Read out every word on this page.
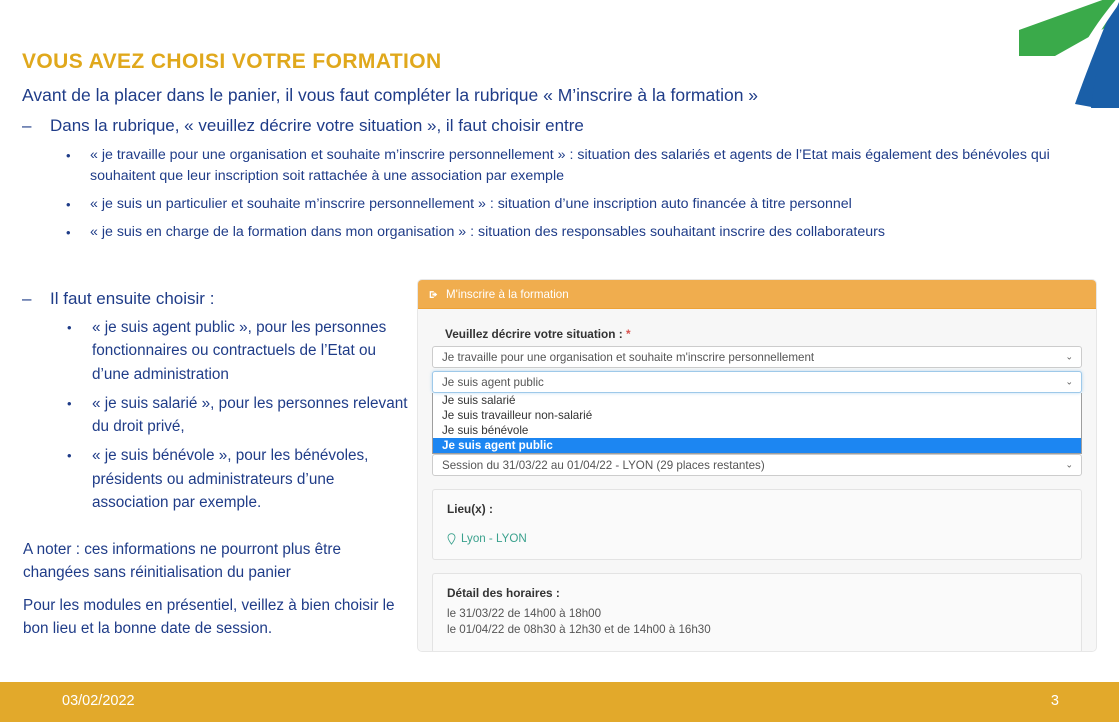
VOUS AVEZ CHOISI VOTRE FORMATION
Avant de la placer dans le panier, il vous faut compléter la rubrique « M’inscrire à la formation »
– Dans la rubrique, « veuillez décrire votre situation », il faut choisir entre
• « je travaille pour une organisation et souhaite m’inscrire personnellement » : situation des salariés et agents de l’Etat mais également des bénévoles qui souhaitent que leur inscription soit rattachée à une association par exemple
• « je suis un particulier et souhaite m’inscrire personnellement » : situation d’une inscription auto financée à titre personnel
• « je suis en charge de la formation dans mon organisation » : situation des responsables souhaitant inscrire des collaborateurs
– Il faut ensuite choisir :
• « je suis agent public », pour les personnes fonctionnaires ou contractuels de l’Etat ou d’une administration
• « je suis salarié », pour les personnes relevant du droit privé,
• « je suis bénévole », pour les bénévoles, présidents ou administrateurs d’une association par exemple.

A noter : ces informations ne pourront plus être changées sans réinitialisation du panier

Pour les modules en présentiel, veillez à bien choisir le bon lieu et la bonne date de session.

M'inscrire à la formation
Veuillez décrire votre situation : *
Je travaille pour une organisation et souhaite m'inscrire personnellement	⌄
Je suis agent public	⌄
Je suis salarié
Je suis travailleur non-salarié
Je suis bénévole
Je suis agent public
Session du 31/03/22 au 01/04/22 - LYON (29 places restantes)	⌄
Lieu(x) :
Lyon - LYON
Détail des horaires :
le 31/03/22 de 14h00 à 18h00
le 01/04/22 de 08h30 à 12h30 et de 14h00 à 16h30
03/02/2022	3
